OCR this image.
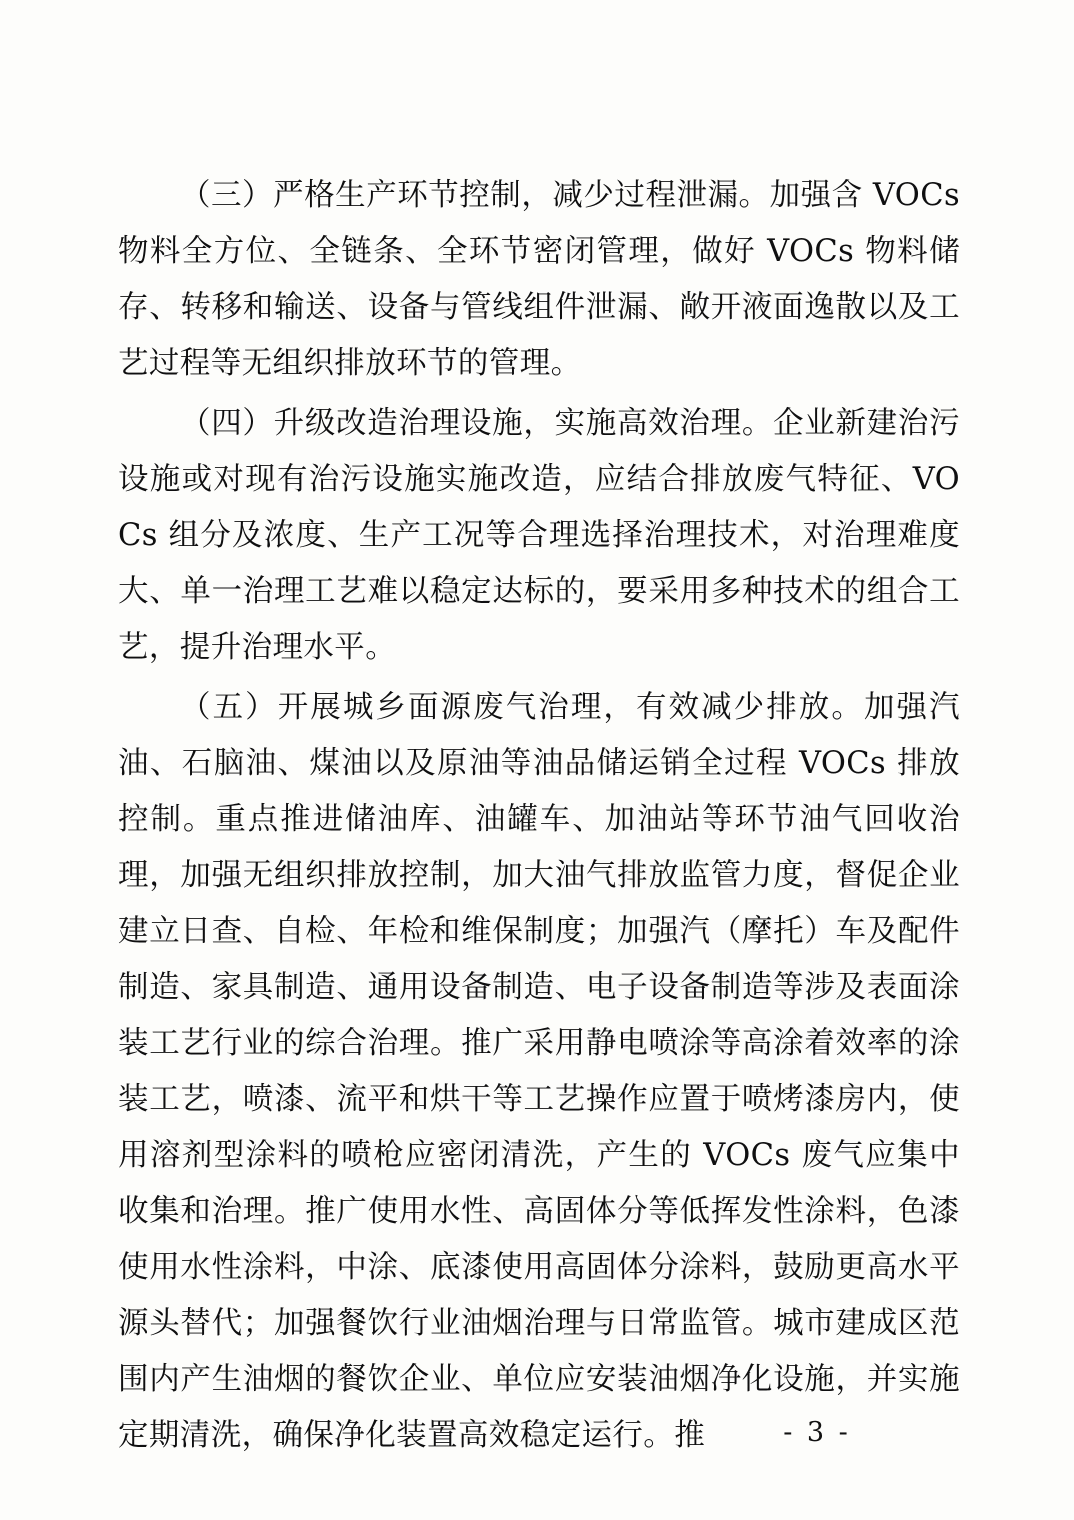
（三）严格生产环节控制，减少过程泄漏。加强含 VOCs 物料全方位、全链条、全环节密闭管理，做好 VOCs 物料储存、转移和输送、设备与管线组件泄漏、敞开液面逸散以及工艺过程等无组织排放环节的管理。

（四）升级改造治理设施，实施高效治理。企业新建治污设施或对现有治污设施实施改造，应结合排放废气特征、VOCs 组分及浓度、生产工况等合理选择治理技术，对治理难度大、单一治理工艺难以稳定达标的，要采用多种技术的组合工艺，提升治理水平。

（五）开展城乡面源废气治理，有效减少排放。加强汽油、石脑油、煤油以及原油等油品储运销全过程 VOCs 排放控制。重点推进储油库、油罐车、加油站等环节油气回收治理，加强无组织排放控制，加大油气排放监管力度，督促企业建立日查、自检、年检和维保制度；加强汽（摩托）车及配件制造、家具制造、通用设备制造、电子设备制造等涉及表面涂装工艺行业的综合治理。推广采用静电喷涂等高涂着效率的涂装工艺，喷漆、流平和烘干等工艺操作应置于喷烤漆房内，使用溶剂型涂料的喷枪应密闭清洗，产生的 VOCs 废气应集中收集和治理。推广使用水性、高固体分等低挥发性涂料，色漆使用水性涂料，中涂、底漆使用高固体分涂料，鼓励更高水平源头替代；加强餐饮行业油烟治理与日常监管。城市建成区范围内产生油烟的餐饮企业、单位应安装油烟净化设施，并实施定期清洗，确保净化装置高效稳定运行。推	- 3 -
